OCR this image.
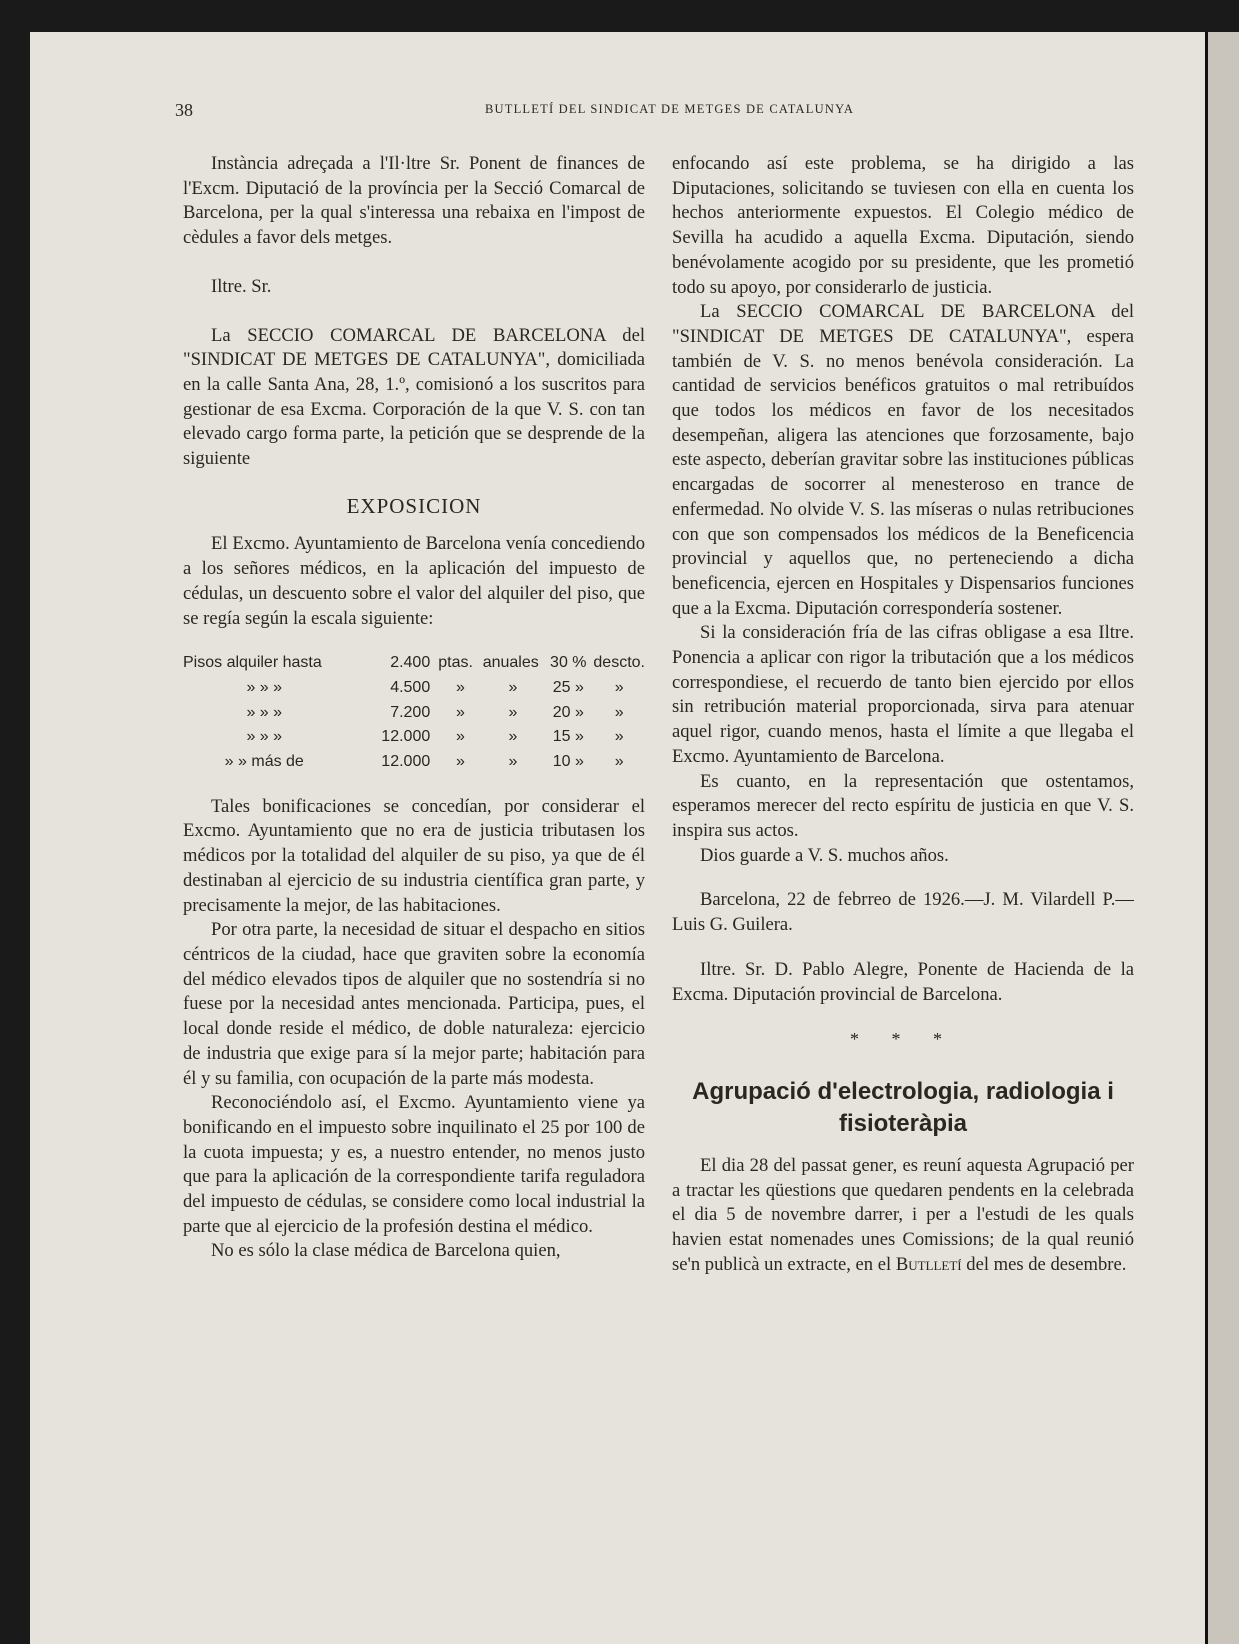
38	BUTLLETÍ DEL SINDICAT DE METGES DE CATALUNYA

Instància adreçada a l'Il·ltre Sr. Ponent de finances de l'Excm. Diputació de la província per la Secció Comarcal de Barcelona, per la qual s'interessa una rebaixa en l'impost de cèdules a favor dels metges.

Iltre. Sr.

La SECCIO COMARCAL DE BARCELONA del "SINDICAT DE METGES DE CATALUNYA", domiciliada en la calle Santa Ana, 28, 1.º, comisionó a los suscritos para gestionar de esa Excma. Corporación de la que V. S. con tan elevado cargo forma parte, la petición que se desprende de la siguiente

EXPOSICION

El Excmo. Ayuntamiento de Barcelona venía concediendo a los señores médicos, en la aplicación del impuesto de cédulas, un descuento sobre el valor del alquiler del piso, que se regía según la escala siguiente:

Pisos alquiler hasta	2.400	ptas.	anuales	30 %	descto.
» » »	4.500	»	»	25 »	»
» » »	7.200	»	»	20 »	»
» » »	12.000	»	»	15 »	»
» » más de	12.000	»	»	10 »	»

Tales bonificaciones se concedían, por considerar el Excmo. Ayuntamiento que no era de justicia tributasen los médicos por la totalidad del alquiler de su piso, ya que de él destinaban al ejercicio de su industria científica gran parte, y precisamente la mejor, de las habitaciones.

Por otra parte, la necesidad de situar el despacho en sitios céntricos de la ciudad, hace que graviten sobre la economía del médico elevados tipos de alquiler que no sostendría si no fuese por la necesidad antes mencionada. Participa, pues, el local donde reside el médico, de doble naturaleza: ejercicio de industria que exige para sí la mejor parte; habitación para él y su familia, con ocupación de la parte más modesta.

Reconociéndolo así, el Excmo. Ayuntamiento viene ya bonificando en el impuesto sobre inquilinato el 25 por 100 de la cuota impuesta; y es, a nuestro entender, no menos justo que para la aplicación de la correspondiente tarifa reguladora del impuesto de cédulas, se considere como local industrial la parte que al ejercicio de la profesión destina el médico.

No es sólo la clase médica de Barcelona quien,

enfocando así este problema, se ha dirigido a las Diputaciones, solicitando se tuviesen con ella en cuenta los hechos anteriormente expuestos. El Colegio médico de Sevilla ha acudido a aquella Excma. Diputación, siendo benévolamente acogido por su presidente, que les prometió todo su apoyo, por considerarlo de justicia.

La SECCIO COMARCAL DE BARCELONA del "SINDICAT DE METGES DE CATALUNYA", espera también de V. S. no menos benévola consideración. La cantidad de servicios benéficos gratuitos o mal retribuídos que todos los médicos en favor de los necesitados desempeñan, aligera las atenciones que forzosamente, bajo este aspecto, deberían gravitar sobre las instituciones públicas encargadas de socorrer al menesteroso en trance de enfermedad. No olvide V. S. las míseras o nulas retribuciones con que son compensados los médicos de la Beneficencia provincial y aquellos que, no perteneciendo a dicha beneficencia, ejercen en Hospitales y Dispensarios funciones que a la Excma. Diputación correspondería sostener.

Si la consideración fría de las cifras obligase a esa Iltre. Ponencia a aplicar con rigor la tributación que a los médicos correspondiese, el recuerdo de tanto bien ejercido por ellos sin retribución material proporcionada, sirva para atenuar aquel rigor, cuando menos, hasta el límite a que llegaba el Excmo. Ayuntamiento de Barcelona.

Es cuanto, en la representación que ostentamos, esperamos merecer del recto espíritu de justicia en que V. S. inspira sus actos.

Dios guarde a V. S. muchos años.

Barcelona, 22 de febrreo de 1926.—J. M. Vilardell P.—Luis G. Guilera.

Iltre. Sr. D. Pablo Alegre, Ponente de Hacienda de la Excma. Diputación provincial de Barcelona.

* * *
Agrupació d'electrologia, radiologia i fisioteràpia

El dia 28 del passat gener, es reuní aquesta Agrupació per a tractar les qüestions que quedaren pendents en la celebrada el dia 5 de novembre darrer, i per a l'estudi de les quals havien estat nomenades unes Comissions; de la qual reunió se'n publicà un extracte, en el Butlletí del mes de desembre.
